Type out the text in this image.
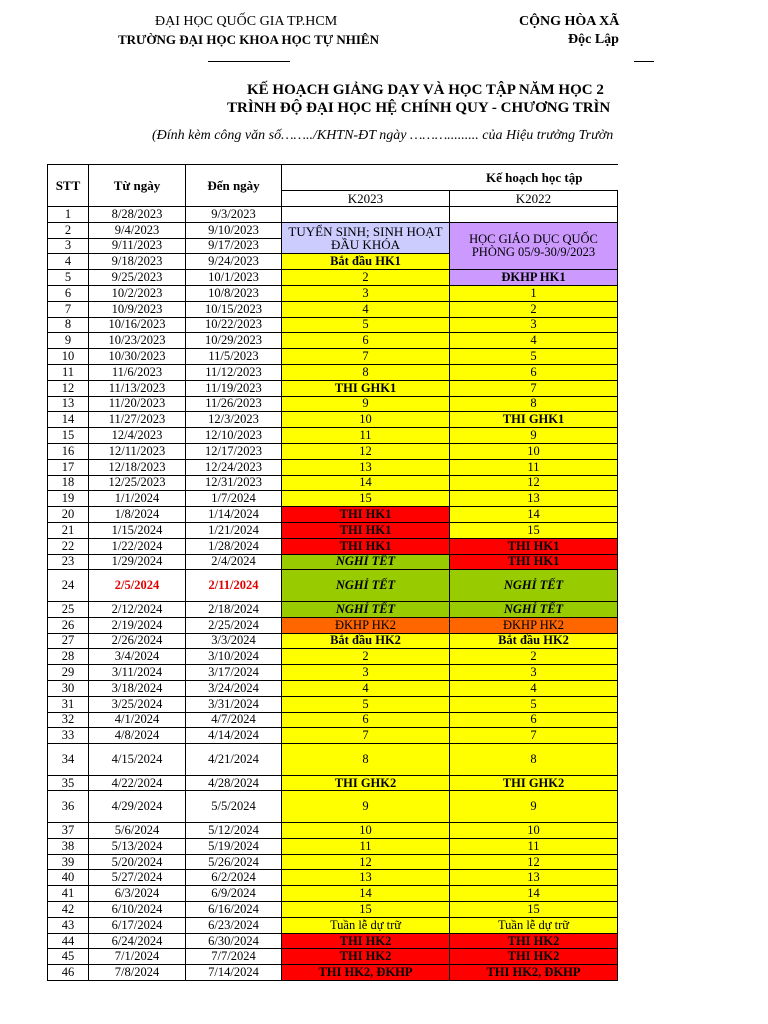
ĐẠI HỌC QUỐC GIA TP.HCM
TRƯỜNG ĐẠI HỌC KHOA HỌC TỰ NHIÊN
CỘNG HÒA XÃ
Độc Lập
KẾ HOẠCH GIẢNG DẠY VÀ HỌC TẬP NĂM HỌC 2
TRÌNH ĐỘ ĐẠI HỌC HỆ CHÍNH QUY - CHƯƠNG TRÌN
(Đính kèm công văn số……../KHTN-ĐT ngày ………......... của Hiệu trưởng Trườn
STT	Từ ngày	Đến ngày	Kế hoạch học tập		
			K2023	K2022	
1	8/28/2023	9/3/2023			
2	9/4/2023	9/10/2023	TUYỂN SINH; SINH HOẠT ĐẦU KHÓA	HỌC GIÁO DỤC QUỐC PHÒNG 05/9-30/9/2023	
3	9/11/2023	9/17/2023			
4	9/18/2023	9/24/2023	Bắt đầu HK1		
5	9/25/2023	10/1/2023	2	ĐKHP HK1	
6	10/2/2023	10/8/2023	3	1	
7	10/9/2023	10/15/2023	4	2	
8	10/16/2023	10/22/2023	5	3	
9	10/23/2023	10/29/2023	6	4	
10	10/30/2023	11/5/2023	7	5	
11	11/6/2023	11/12/2023	8	6	
12	11/13/2023	11/19/2023	THI GHK1	7	
13	11/20/2023	11/26/2023	9	8	
14	11/27/2023	12/3/2023	10	THI GHK1	
15	12/4/2023	12/10/2023	11	9	
16	12/11/2023	12/17/2023	12	10	
17	12/18/2023	12/24/2023	13	11	
18	12/25/2023	12/31/2023	14	12	
19	1/1/2024	1/7/2024	15	13	
20	1/8/2024	1/14/2024	THI HK1	14	
21	1/15/2024	1/21/2024	THI HK1	15	
22	1/22/2024	1/28/2024	THI HK1	THI HK1	
23	1/29/2024	2/4/2024	NGHỈ TẾT	THI HK1	
24	2/5/2024	2/11/2024	NGHỈ TẾT	NGHỈ TẾT	
25	2/12/2024	2/18/2024	NGHỈ TẾT	NGHỈ TẾT	
26	2/19/2024	2/25/2024	ĐKHP HK2	ĐKHP HK2	
27	2/26/2024	3/3/2024	Bắt đầu HK2	Bắt đầu HK2	
28	3/4/2024	3/10/2024	2	2	
29	3/11/2024	3/17/2024	3	3	
30	3/18/2024	3/24/2024	4	4	
31	3/25/2024	3/31/2024	5	5	
32	4/1/2024	4/7/2024	6	6	
33	4/8/2024	4/14/2024	7	7	
34	4/15/2024	4/21/2024	8	8	
35	4/22/2024	4/28/2024	THI GHK2	THI GHK2	
36	4/29/2024	5/5/2024	9	9	
37	5/6/2024	5/12/2024	10	10	
38	5/13/2024	5/19/2024	11	11	
39	5/20/2024	5/26/2024	12	12	
40	5/27/2024	6/2/2024	13	13	
41	6/3/2024	6/9/2024	14	14	
42	6/10/2024	6/16/2024	15	15	
43	6/17/2024	6/23/2024	Tuần lễ dự trữ	Tuần lễ dự trữ	
44	6/24/2024	6/30/2024	THI HK2	THI HK2	
45	7/1/2024	7/7/2024	THI HK2	THI HK2	
46	7/8/2024	7/14/2024	THI HK2, ĐKHP	THI HK2, ĐKHP	
